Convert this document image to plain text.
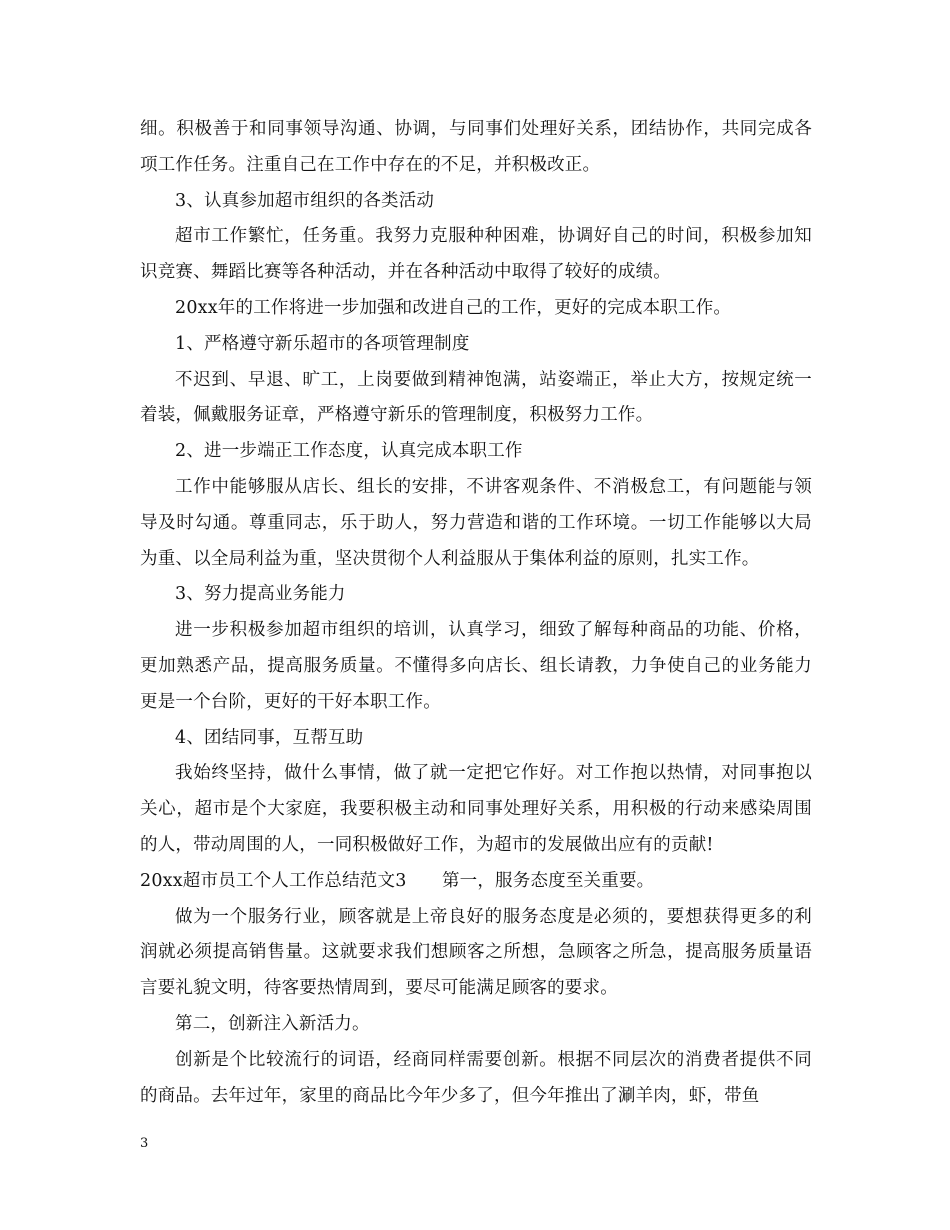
细。积极善于和同事领导沟通、协调，与同事们处理好关系，团结协作，共同完成各项工作任务。注重自己在工作中存在的不足，并积极改正。

3、认真参加超市组织的各类活动

超市工作繁忙，任务重。我努力克服种种困难，协调好自己的时间，积极参加知识竞赛、舞蹈比赛等各种活动，并在各种活动中取得了较好的成绩。

20xx年的工作将进一步加强和改进自己的工作，更好的完成本职工作。

1、严格遵守新乐超市的各项管理制度

不迟到、早退、旷工，上岗要做到精神饱满，站姿端正，举止大方，按规定统一着装，佩戴服务证章，严格遵守新乐的管理制度，积极努力工作。

2、进一步端正工作态度，认真完成本职工作

工作中能够服从店长、组长的安排，不讲客观条件、不消极怠工，有问题能与领导及时勾通。尊重同志，乐于助人，努力营造和谐的工作环境。一切工作能够以大局为重、以全局利益为重，坚决贯彻个人利益服从于集体利益的原则，扎实工作。

3、努力提高业务能力

进一步积极参加超市组织的培训，认真学习，细致了解每种商品的功能、价格，更加熟悉产品，提高服务质量。不懂得多向店长、组长请教，力争使自己的业务能力更是一个台阶，更好的干好本职工作。

4、团结同事，互帮互助

我始终坚持，做什么事情，做了就一定把它作好。对工作抱以热情，对同事抱以关心，超市是个大家庭，我要积极主动和同事处理好关系，用积极的行动来感染周围的人，带动周围的人，一同积极做好工作，为超市的发展做出应有的贡献!

20xx超市员工个人工作总结范文3　　第一，服务态度至关重要。

做为一个服务行业，顾客就是上帝良好的服务态度是必须的，要想获得更多的利润就必须提高销售量。这就要求我们想顾客之所想，急顾客之所急，提高服务质量语言要礼貌文明，待客要热情周到，要尽可能满足顾客的要求。

第二，创新注入新活力。

创新是个比较流行的词语，经商同样需要创新。根据不同层次的消费者提供不同的商品。去年过年，家里的商品比今年少多了，但今年推出了涮羊肉，虾，带鱼

3
